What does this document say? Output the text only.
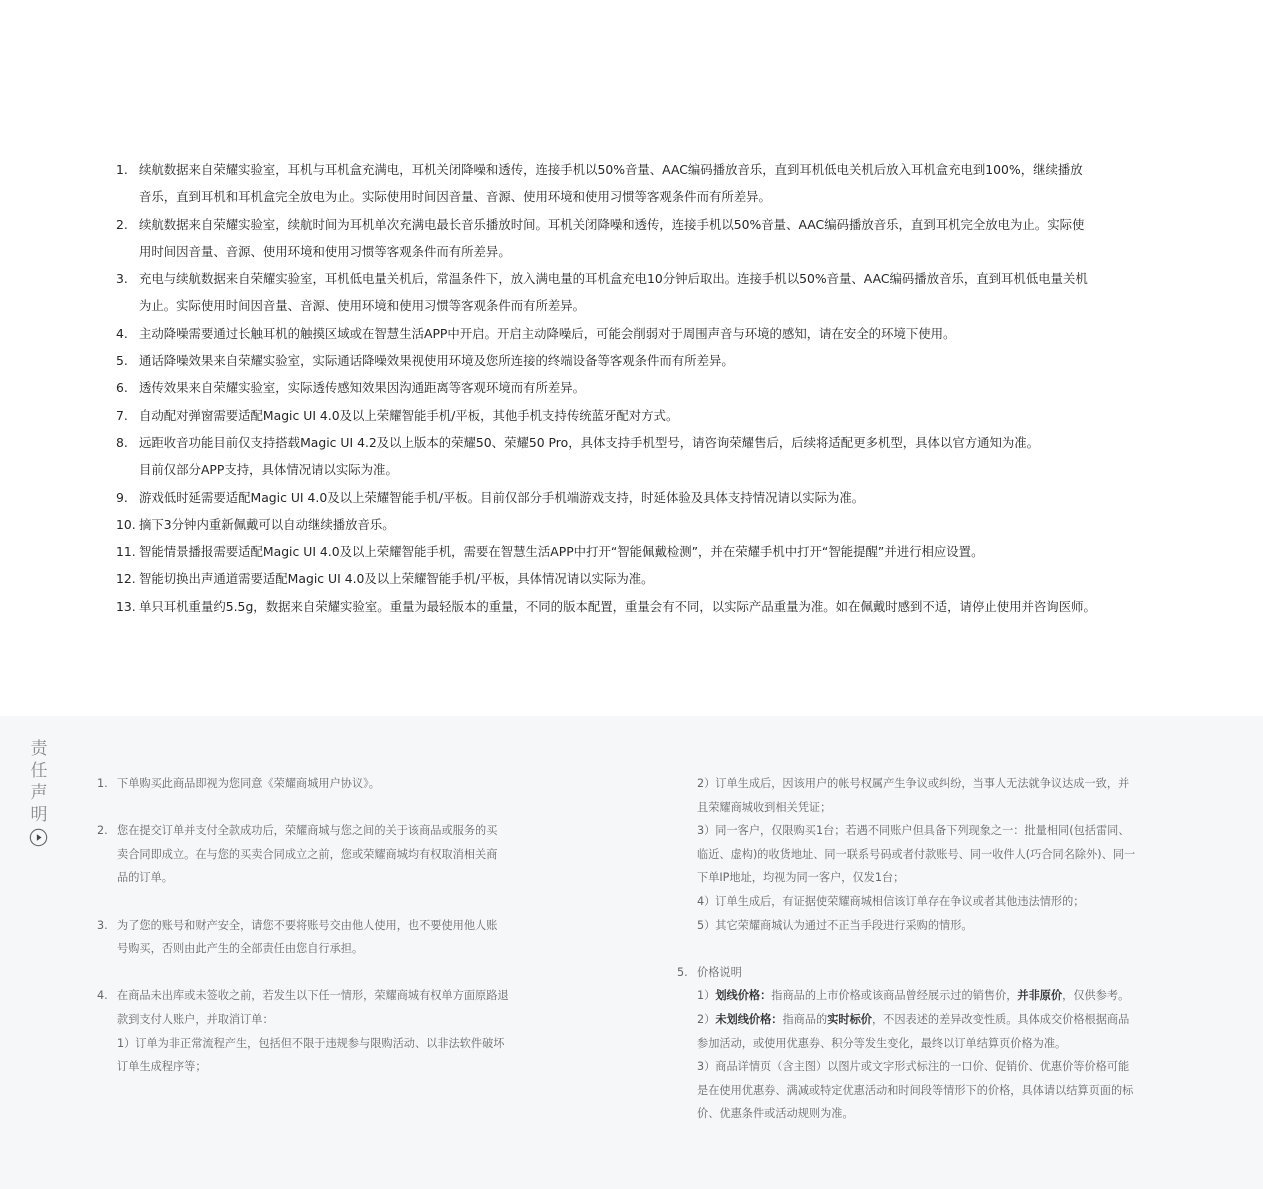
1. 续航数据来自荣耀实验室，耳机与耳机盒充满电，耳机关闭降噪和透传，连接手机以50%音量、AAC编码播放音乐，直到耳机低电关机后放入耳机盒充电到100%，继续播放
音乐，直到耳机和耳机盒完全放电为止。实际使用时间因音量、音源、使用环境和使用习惯等客观条件而有所差异。
2. 续航数据来自荣耀实验室，续航时间为耳机单次充满电最长音乐播放时间。耳机关闭降噪和透传，连接手机以50%音量、AAC编码播放音乐，直到耳机完全放电为止。实际使
用时间因音量、音源、使用环境和使用习惯等客观条件而有所差异。
3. 充电与续航数据来自荣耀实验室，耳机低电量关机后，常温条件下，放入满电量的耳机盒充电10分钟后取出。连接手机以50%音量、AAC编码播放音乐，直到耳机低电量关机
为止。实际使用时间因音量、音源、使用环境和使用习惯等客观条件而有所差异。
4. 主动降噪需要通过长触耳机的触摸区域或在智慧生活APP中开启。开启主动降噪后，可能会削弱对于周围声音与环境的感知，请在安全的环境下使用。
5. 通话降噪效果来自荣耀实验室，实际通话降噪效果视使用环境及您所连接的终端设备等客观条件而有所差异。
6. 透传效果来自荣耀实验室，实际透传感知效果因沟通距离等客观环境而有所差异。
7. 自动配对弹窗需要适配Magic UI 4.0及以上荣耀智能手机/平板，其他手机支持传统蓝牙配对方式。
8. 远距收音功能目前仅支持搭载Magic UI 4.2及以上版本的荣耀50、荣耀50 Pro，具体支持手机型号，请咨询荣耀售后，后续将适配更多机型，具体以官方通知为准。
目前仅部分APP支持，具体情况请以实际为准。
9. 游戏低时延需要适配Magic UI 4.0及以上荣耀智能手机/平板。目前仅部分手机端游戏支持，时延体验及具体支持情况请以实际为准。
10. 摘下3分钟内重新佩戴可以自动继续播放音乐。
11. 智能情景播报需要适配Magic UI 4.0及以上荣耀智能手机，需要在智慧生活APP中打开“智能佩戴检测”，并在荣耀手机中打开“智能提醒”并进行相应设置。
12. 智能切换出声通道需要适配Magic UI 4.0及以上荣耀智能手机/平板，具体情况请以实际为准。
13. 单只耳机重量约5.5g，数据来自荣耀实验室。重量为最轻版本的重量，不同的版本配置，重量会有不同，以实际产品重量为准。如在佩戴时感到不适，请停止使用并咨询医师。
责
任
声
明
1. 下单购买此商品即视为您同意《荣耀商城用户协议》。
2. 您在提交订单并支付全款成功后，荣耀商城与您之间的关于该商品或服务的买
卖合同即成立。在与您的买卖合同成立之前，您或荣耀商城均有权取消相关商
品的订单。
3. 为了您的账号和财产安全，请您不要将账号交由他人使用，也不要使用他人账
号购买，否则由此产生的全部责任由您自行承担。
4. 在商品未出库或未签收之前，若发生以下任一情形，荣耀商城有权单方面原路退
款到支付人账户，并取消订单：
1）订单为非正常流程产生，包括但不限于违规参与限购活动、以非法软件破坏
订单生成程序等；
2）订单生成后，因该用户的帐号权属产生争议或纠纷，当事人无法就争议达成一致，并
且荣耀商城收到相关凭证；
3）同一客户，仅限购买1台；若遇不同账户但具备下列现象之一：批量相同(包括雷同、
临近、虚构)的收货地址、同一联系号码或者付款账号、同一收件人(巧合同名除外)、同一
下单IP地址，均视为同一客户，仅发1台；
4）订单生成后，有证据使荣耀商城相信该订单存在争议或者其他违法情形的；
5）其它荣耀商城认为通过不正当手段进行采购的情形。
5. 价格说明
1）划线价格：指商品的上市价格或该商品曾经展示过的销售价，并非原价，仅供参考。
2）未划线价格：指商品的实时标价，不因表述的差异改变性质。具体成交价格根据商品
参加活动，或使用优惠券、积分等发生变化，最终以订单结算页价格为准。
3）商品详情页（含主图）以图片或文字形式标注的一口价、促销价、优惠价等价格可能
是在使用优惠券、满减或特定优惠活动和时间段等情形下的价格，具体请以结算页面的标
价、优惠条件或活动规则为准。
